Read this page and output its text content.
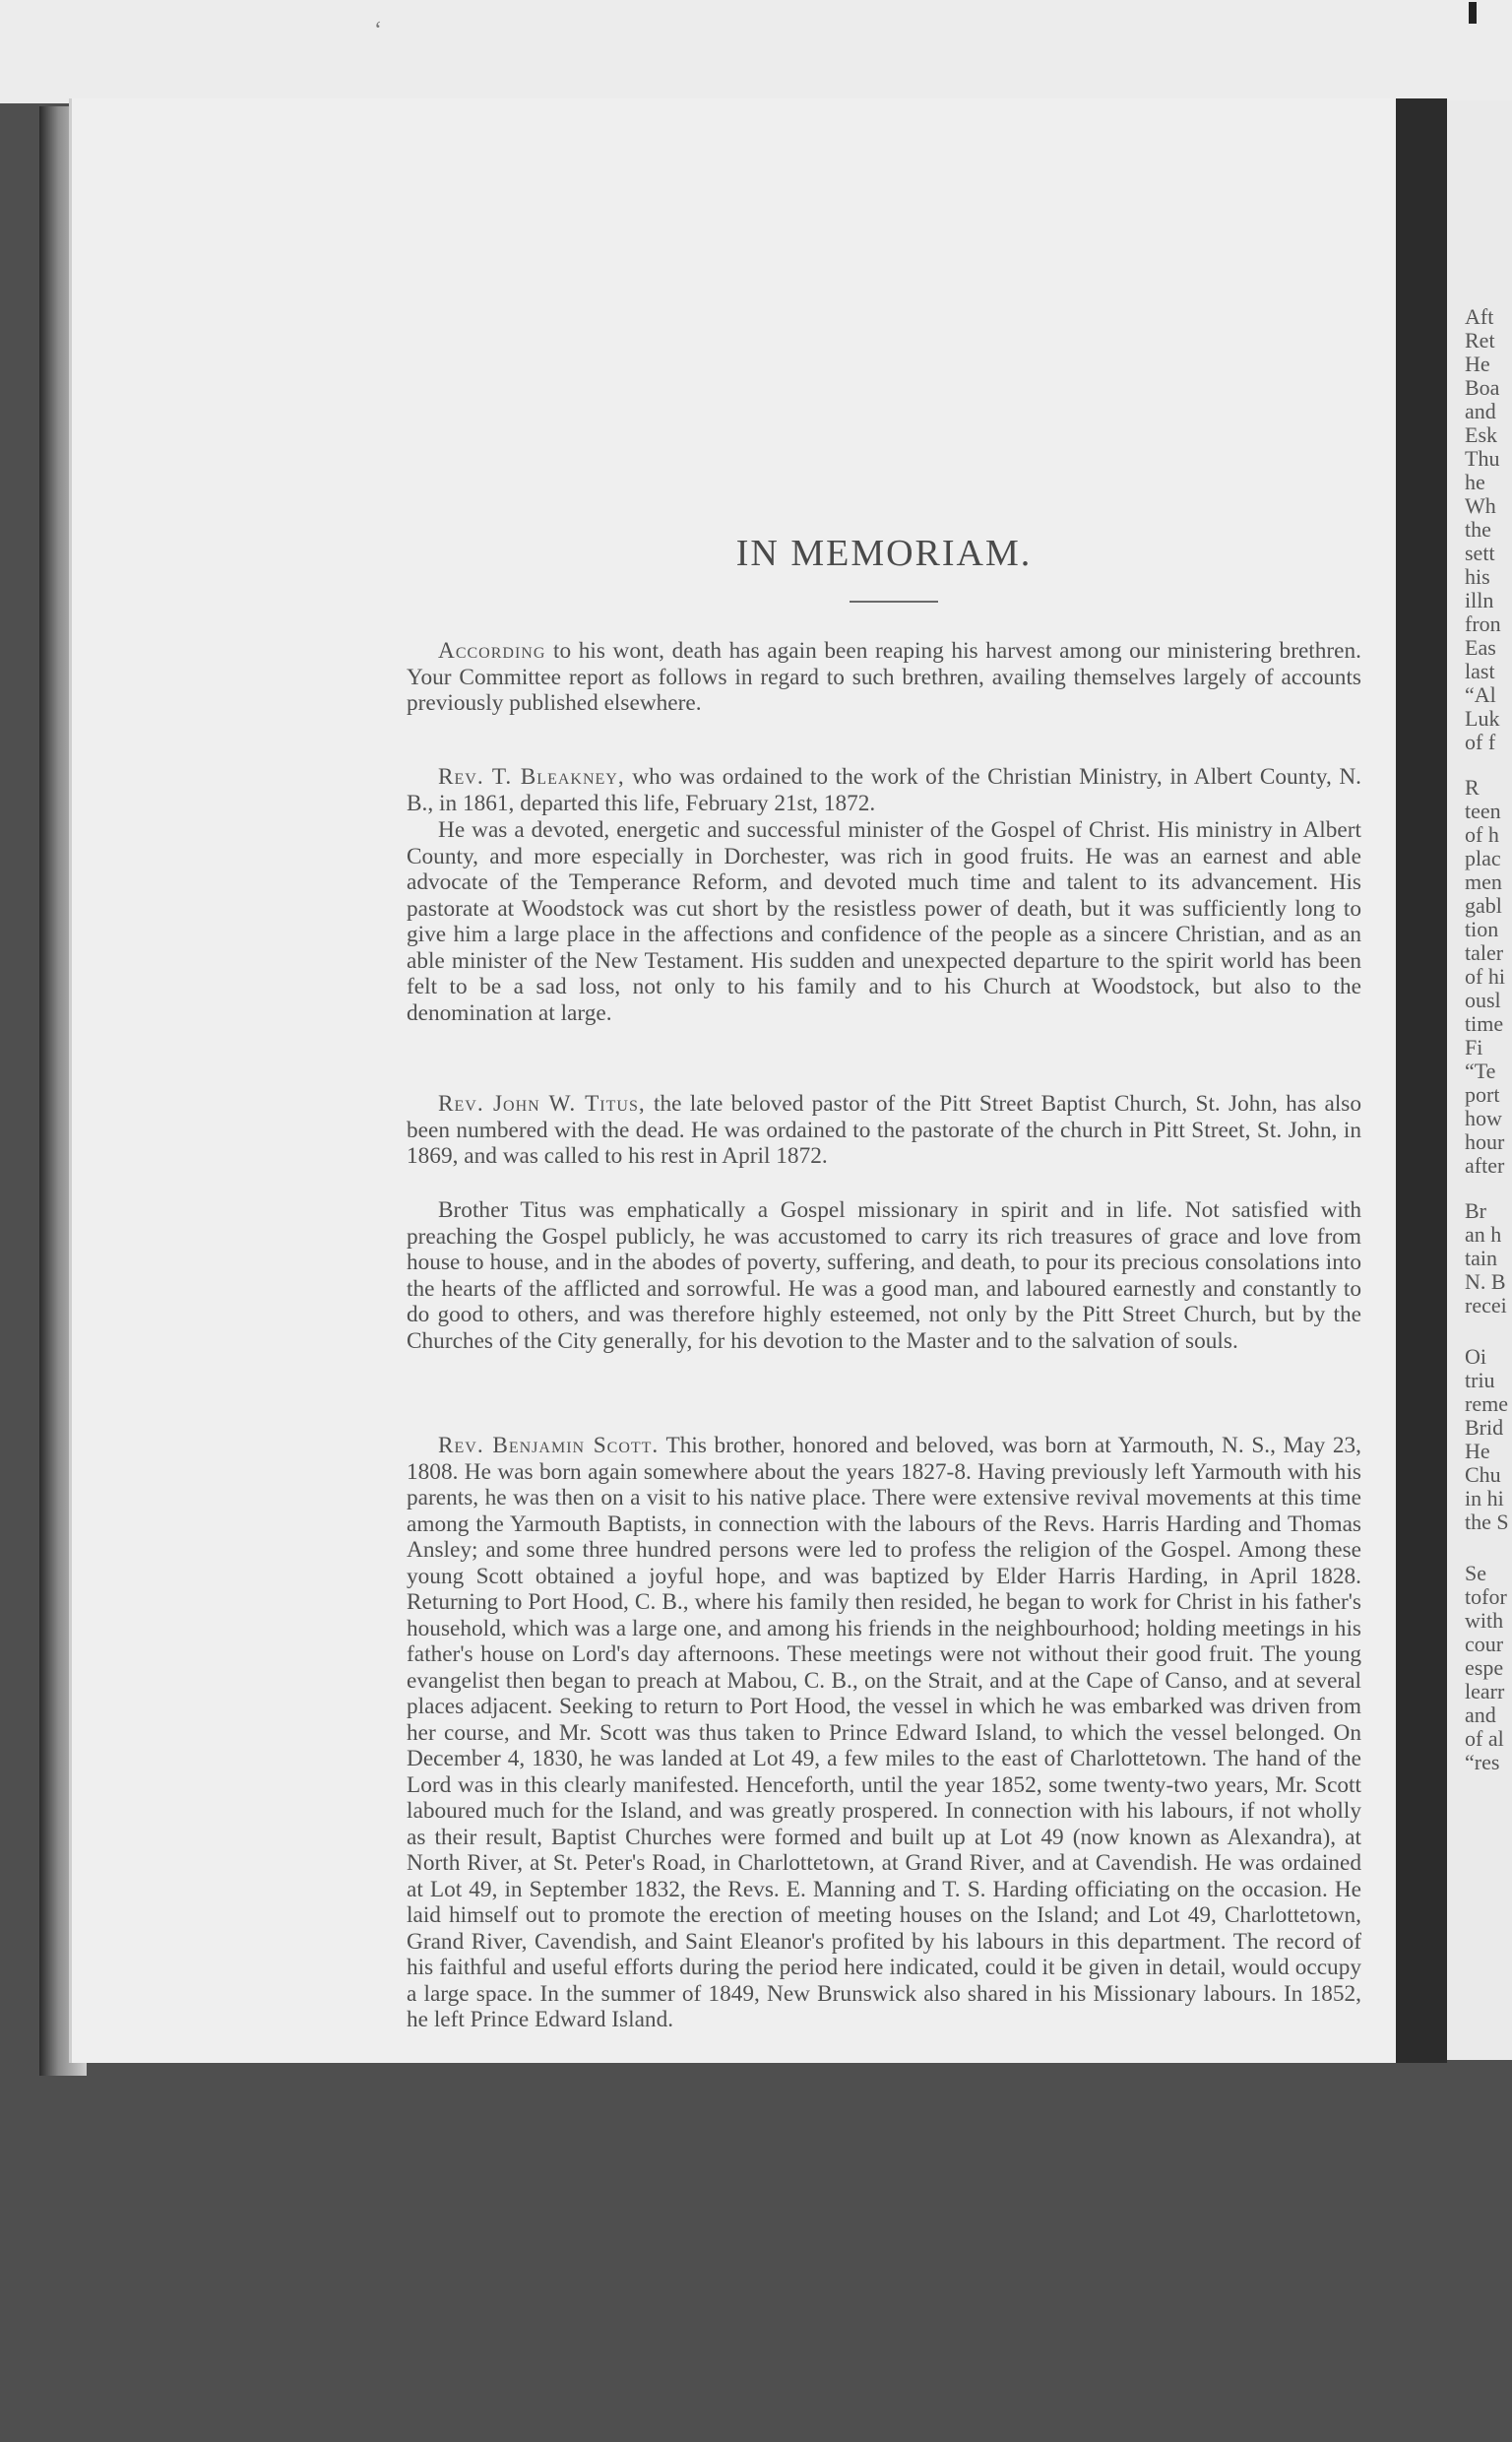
‘
IN MEMORIAM.

According to his wont, death has again been reaping his harvest among our ministering brethren. Your Committee report as follows in regard to such brethren, availing themselves largely of accounts previously published elsewhere.

Rev. T. Bleakney, who was ordained to the work of the Christian Ministry, in Albert County, N. B., in 1861, departed this life, February 21st, 1872.

He was a devoted, energetic and successful minister of the Gospel of Christ. His ministry in Albert County, and more especially in Dorchester, was rich in good fruits. He was an earnest and able advocate of the Temperance Reform, and devoted much time and talent to its advancement. His pastorate at Woodstock was cut short by the resistless power of death, but it was sufficiently long to give him a large place in the affections and confidence of the people as a sincere Christian, and as an able minister of the New Testament. His sudden and unexpected departure to the spirit world has been felt to be a sad loss, not only to his family and to his Church at Woodstock, but also to the denomination at large.

Rev. John W. Titus, the late beloved pastor of the Pitt Street Baptist Church, St. John, has also been numbered with the dead. He was ordained to the pastorate of the church in Pitt Street, St. John, in 1869, and was called to his rest in April 1872.

Brother Titus was emphatically a Gospel missionary in spirit and in life. Not satisfied with preaching the Gospel publicly, he was accustomed to carry its rich treasures of grace and love from house to house, and in the abodes of poverty, suffering, and death, to pour its precious consolations into the hearts of the afflicted and sorrowful. He was a good man, and laboured earnestly and constantly to do good to others, and was therefore highly esteemed, not only by the Pitt Street Church, but by the Churches of the City generally, for his devotion to the Master and to the salvation of souls.

Rev. Benjamin Scott. This brother, honored and beloved, was born at Yarmouth, N. S., May 23, 1808. He was born again somewhere about the years 1827-8. Having previously left Yarmouth with his parents, he was then on a visit to his native place. There were extensive revival movements at this time among the Yarmouth Baptists, in connection with the labours of the Revs. Harris Harding and Thomas Ansley; and some three hundred persons were led to profess the religion of the Gospel. Among these young Scott obtained a joyful hope, and was baptized by Elder Harris Harding, in April 1828. Returning to Port Hood, C. B., where his family then resided, he began to work for Christ in his father's household, which was a large one, and among his friends in the neighbourhood; holding meetings in his father's house on Lord's day afternoons. These meetings were not without their good fruit. The young evangelist then began to preach at Mabou, C. B., on the Strait, and at the Cape of Canso, and at several places adjacent. Seeking to return to Port Hood, the vessel in which he was embarked was driven from her course, and Mr. Scott was thus taken to Prince Edward Island, to which the vessel belonged. On December 4, 1830, he was landed at Lot 49, a few miles to the east of Charlottetown. The hand of the Lord was in this clearly manifested. Henceforth, until the year 1852, some twenty-two years, Mr. Scott laboured much for the Island, and was greatly prospered. In connection with his labours, if not wholly as their result, Baptist Churches were formed and built up at Lot 49 (now known as Alexandra), at North River, at St. Peter's Road, in Charlottetown, at Grand River, and at Cavendish. He was ordained at Lot 49, in September 1832, the Revs. E. Manning and T. S. Harding officiating on the occasion. He laid himself out to promote the erection of meeting houses on the Island; and Lot 49, Charlottetown, Grand River, Cavendish, and Saint Eleanor's profited by his labours in this department. The record of his faithful and useful efforts during the period here indicated, could it be given in detail, would occupy a large space. In the summer of 1849, New Brunswick also shared in his Missionary labours. In 1852, he left Prince Edward Island.

Aft
Ret
He
Boa
and
Esk
Thu
he
Wh
the
sett
his
illn
fron
Eas
last
“Al
Luk
of f
R
teen
of h
plac
men
gabl
tion
taler
of hi
ousl
time
Fi
“Te
port
how
hour
after
Br
an h
tain
N. B
recei
Oi
triu
reme
Brid
He
Chu
in hi
the S
Se
tofor
with
cour
espe
learr
and
of al
“res
